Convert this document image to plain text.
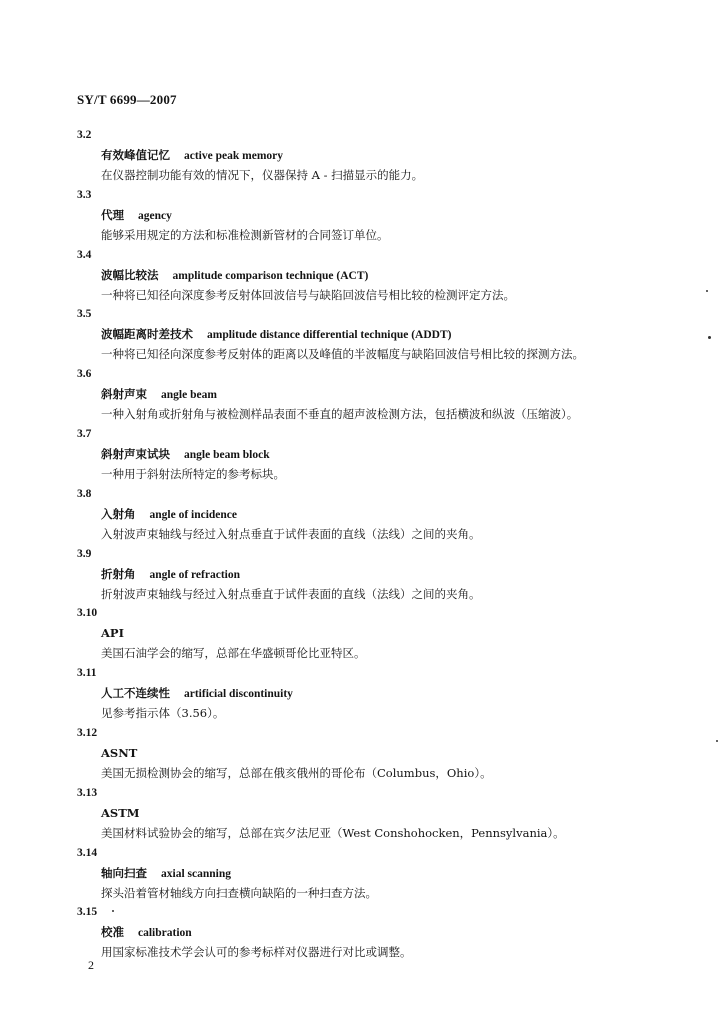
SY/T 6699—2007

3.2
有效峰值记忆 active peak memory
在仪器控制功能有效的情况下，仪器保持 A - 扫描显示的能力。
3.3
代理 agency
能够采用规定的方法和标准检测新管材的合同签订单位。
3.4
波幅比较法 amplitude comparison technique (ACT)
一种将已知径向深度参考反射体回波信号与缺陷回波信号相比较的检测评定方法。
3.5
波幅距离时差技术 amplitude distance differential technique (ADDT)
一种将已知径向深度参考反射体的距离以及峰值的半波幅度与缺陷回波信号相比较的探测方法。
3.6
斜射声束 angle beam
一种入射角或折射角与被检测样品表面不垂直的超声波检测方法，包括横波和纵波（压缩波）。
3.7
斜射声束试块 angle beam block
一种用于斜射法所特定的参考标块。
3.8
入射角 angle of incidence
入射波声束轴线与经过入射点垂直于试件表面的直线（法线）之间的夹角。
3.9
折射角 angle of refraction
折射波声束轴线与经过入射点垂直于试件表面的直线（法线）之间的夹角。
3.10
API
美国石油学会的缩写，总部在华盛顿哥伦比亚特区。
3.11
人工不连续性 artificial discontinuity
见参考指示体（3.56）。
3.12
ASNT
美国无损检测协会的缩写，总部在俄亥俄州的哥伦布（Columbus，Ohio）。
3.13
ASTM
美国材料试验协会的缩写，总部在宾夕法尼亚（West Conshohocken，Pennsylvania）。
3.14
轴向扫查 axial scanning
探头沿着管材轴线方向扫查横向缺陷的一种扫查方法。
3.15
校准 calibration
用国家标准技术学会认可的参考标样对仪器进行对比或调整。

2
